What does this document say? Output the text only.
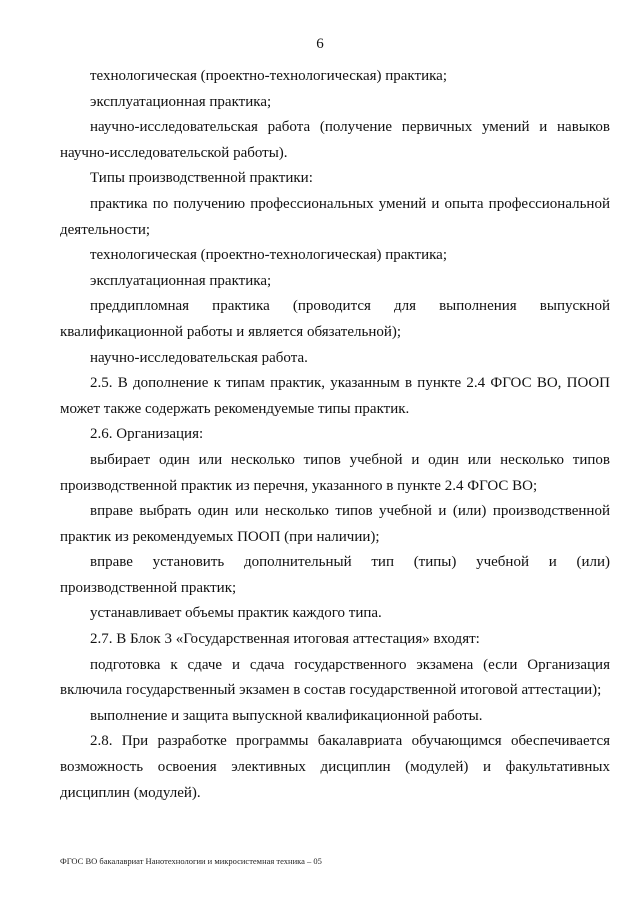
6

технологическая (проектно-технологическая) практика;

эксплуатационная практика;

научно-исследовательская работа (получение первичных умений и навыков научно-исследовательской работы).

Типы производственной практики:

практика по получению профессиональных умений и опыта профессиональной деятельности;

технологическая (проектно-технологическая) практика;

эксплуатационная практика;

преддипломная практика (проводится для выполнения выпускной квалификационной работы и является обязательной);

научно-исследовательская работа.

2.5. В дополнение к типам практик, указанным в пункте 2.4 ФГОС ВО, ПООП может также содержать рекомендуемые типы практик.

2.6. Организация:

выбирает один или несколько типов учебной и один или несколько типов производственной практик из перечня, указанного в пункте 2.4 ФГОС ВО;

вправе выбрать один или несколько типов учебной и (или) производственной практик из рекомендуемых ПООП (при наличии);

вправе установить дополнительный тип (типы) учебной и (или) производственной практик;

устанавливает объемы практик каждого типа.

2.7. В Блок 3 «Государственная итоговая аттестация» входят:

подготовка к сдаче и сдача государственного экзамена (если Организация включила государственный экзамен в состав государственной итоговой аттестации);

выполнение и защита выпускной квалификационной работы.

2.8. При разработке программы бакалавриата обучающимся обеспечивается возможность освоения элективных дисциплин (модулей) и факультативных дисциплин (модулей).

ФГОС ВО бакалавриат Нанотехнологии и микросистемная техника – 05
